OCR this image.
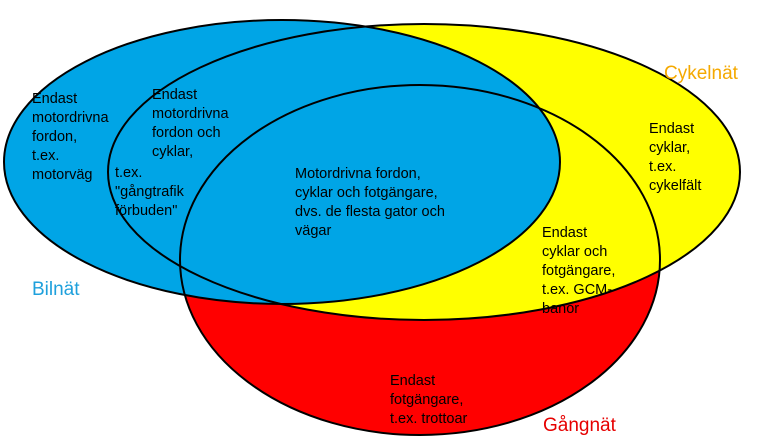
Endast
motordrivna
fordon,
t.ex.
motorväg

Endast
motordrivna
fordon och
cyklar,

t.ex.
"gångtrafik
förbuden"

Motordrivna fordon,
cyklar och fotgängare,
dvs. de flesta gator och
vägar

Endast
cyklar,
t.ex.
cykelfält

Endast
cyklar och
fotgängare,
t.ex. GCM-
banor

Endast
fotgängare,
t.ex. trottoar

Bilnät
Cykelnät
Gångnät
